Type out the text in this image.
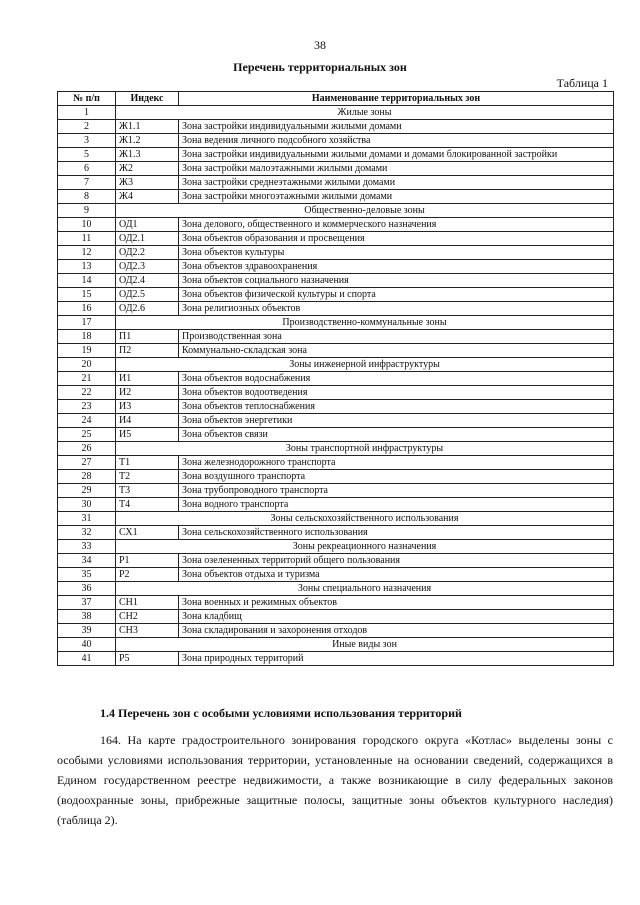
38
Перечень территориальных зон
Таблица 1
№ п/п	Индекс	Наименование территориальных зон
1	Жилые зоны	
2	Ж1.1	Зона застройки индивидуальными жилыми домами
3	Ж1.2	Зона ведения личного подсобного хозяйства
5	Ж1.3	Зона застройки индивидуальными жилыми домами и домами блокированной застройки
6	Ж2	Зона застройки малоэтажными жилыми домами
7	Ж3	Зона застройки среднеэтажными жилыми домами
8	Ж4	Зона застройки многоэтажными жилыми домами
9	Общественно-деловые зоны	
10	ОД1	Зона делового, общественного и коммерческого назначения
11	ОД2.1	Зона объектов образования и просвещения
12	ОД2.2	Зона объектов культуры
13	ОД2.3	Зона объектов здравоохранения
14	ОД2.4	Зона объектов социального назначения
15	ОД2.5	Зона объектов физической культуры и спорта
16	ОД2.6	Зона религиозных объектов
17	Производственно-коммунальные зоны	
18	П1	Производственная зона
19	П2	Коммунально-складская зона
20	Зоны инженерной инфраструктуры	
21	И1	Зона объектов водоснабжения
22	И2	Зона объектов водоотведения
23	И3	Зона объектов теплоснабжения
24	И4	Зона объектов энергетики
25	И5	Зона объектов связи
26	Зоны транспортной инфраструктуры	
27	Т1	Зона железнодорожного транспорта
28	Т2	Зона воздушного транспорта
29	Т3	Зона трубопроводного транспорта
30	Т4	Зона водного транспорта
31	Зоны сельскохозяйственного использования	
32	СХ1	Зона сельскохозяйственного использования
33	Зоны рекреационного назначения	
34	Р1	Зона озелененных территорий общего пользования
35	Р2	Зона объектов отдыха и туризма
36	Зоны специального назначения	
37	СН1	Зона военных и режимных объектов
38	СН2	Зона кладбищ
39	СН3	Зона складирования и захоронения отходов
40	Иные виды зон	
41	Р5	Зона природных территорий
1.4 Перечень зон с особыми условиями использования территорий

164. На карте градостроительного зонирования городского округа «Котлас» выделены зоны с особыми условиями использования территории, установленные на основании сведений, содержащихся в Едином государственном реестре недвижимости, а также возникающие в силу федеральных законов (водоохранные зоны, прибрежные защитные полосы, защитные зоны объектов культурного наследия) (таблица 2).
